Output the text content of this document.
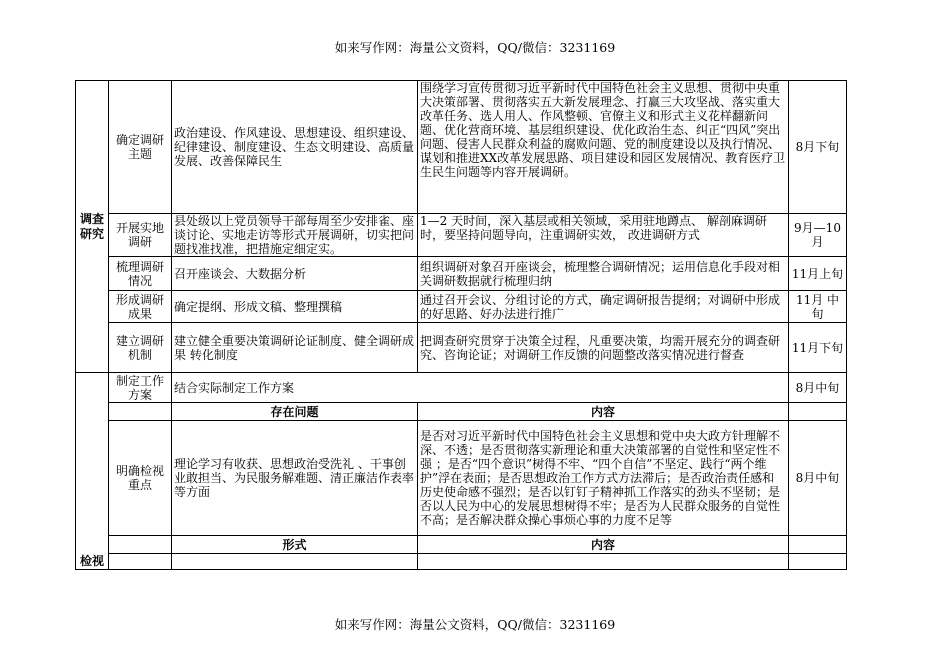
如来写作网：海量公文资料，QQ/微信：3231169
调查研究	确定调研主题	政治建设、作风建设、思想建设、组织建设、纪律建设、制度建设、生态文明建设、高质量发展、改善保障民生	围绕学习宣传贯彻习近平新时代中国特色社会主义思想、贯彻中央重大决策部署、贯彻落实五大新发展理念、打赢三大攻坚战、落实重大改革任务、选人用人、作风整顿、官僚主义和形式主义花样翻新问题、优化营商环境、基层组织建设、优化政治生态、纠正“四风”突出问题、侵害人民群众利益的腐败问题、党的制度建设以及执行情况、谋划和推进XX改革发展思路、项目建设和园区发展情况、教育医疗卫生民生问题等内容开展调研。	8月下旬
	开展实地调研	县处级以上党员领导干部每周至少安排雀、座谈讨论、实地走访等形式开展调研，切实把问题找准找准，把措施定细定实。	1—2 天时间，深入基层或相关领域，采用驻地蹲点、 解剖麻调研时，要坚持问题导向，注重调研实效， 改进调研方式	9月—10月
	梳理调研情况	召开座谈会、大数据分析	组织调研对象召开座谈会，梳理整合调研情况；运用信息化手段对相关调研数据就行梳理归纳	11月上旬
	形成调研成果	确定提纲、形成文稿、整理撰稿	通过召开会议、分组讨论的方式，确定调研报告提纲；对调研中形成的好思路、好办法进行推广	11月 中旬
	建立调研机制	建立健全重要决策调研论证制度、健全调研成果 转化制度	把调查研究贯穿于决策全过程，凡重要决策，均需开展充分的调查研究、咨询论证；对调研工作反馈的问题整改落实情况进行督查	11月下旬

检视	制定工作方案	结合实际制定工作方案		8月中旬
		存在问题	内容	
	明确检视重点	理论学习有收获、思想政治受洗礼 、干事创业敢担当、为民服务解难题、清正廉洁作表率等方面	是否对习近平新时代中国特色社会主义思想和党中央大政方针理解不深、不透；是否贯彻落实新理论和重大决策部署的自觉性和坚定性不强 ；是否“四个意识”树得不牢、“四个自信”不坚定、践行“两个维护”浮在表面；是否思想政治工作方式方法滞后；是否政治责任感和历史使命感不强烈；是否以钉钉子精神抓工作落实的劲头不坚韧；是否以人民为中心的发展思想树得不牢；是否为人民群众服务的自觉性不高；是否解决群众操心事烦心事的力度不足等	8月中旬
		形式	内容	

如来写作网：海量公文资料，QQ/微信：3231169
